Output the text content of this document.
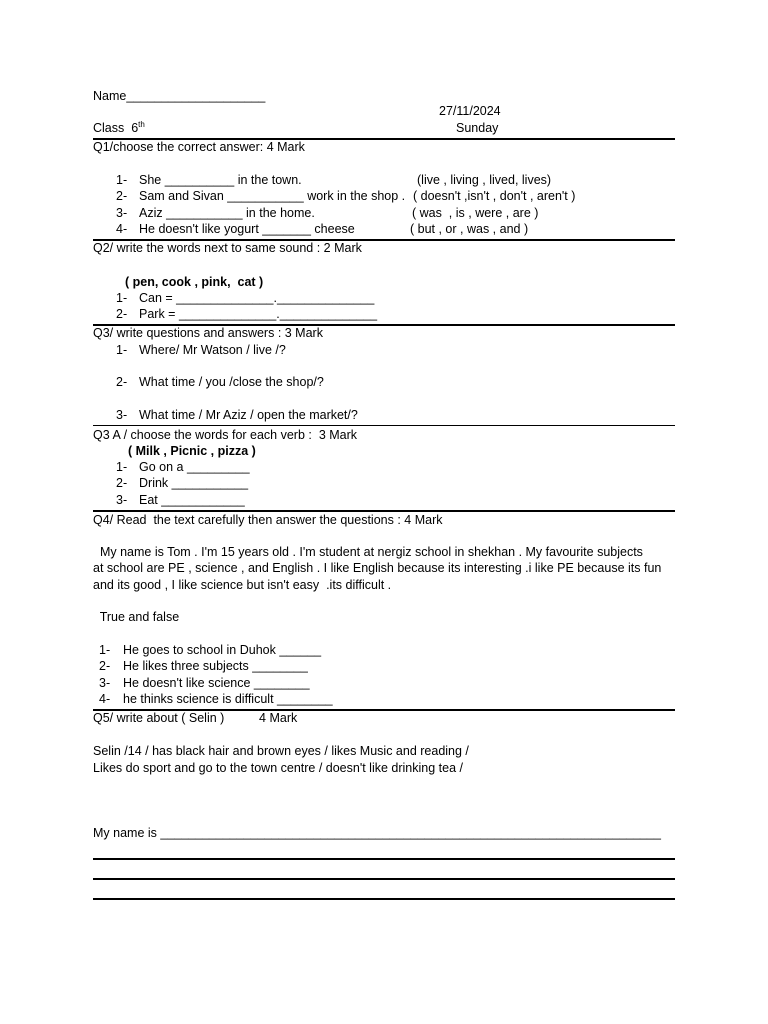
Name____________________
27/11/2024
Class  6th	Sunday
Q1/choose the correct answer: 4 Mark
1- She __________ in the town.	(live , living , lived, lives)
2- Sam and Sivan ___________ work in the shop . ( doesn't ,isn't , don't , aren't )
3- Aziz ___________ in the home.	( was  , is , were , are )
4- He doesn't like yogurt _______ cheese	( but , or , was , and )
Q2/ write the words next to same sound : 2 Mark
( pen, cook , pink,  cat )
1- Can = ______________.______________
2- Park = ______________.______________
Q3/ write questions and answers : 3 Mark
1- Where/ Mr Watson / live /?
2- What time / you /close the shop/?
3- What time / Mr Aziz / open the market/?
Q3 A / choose the words for each verb :  3 Mark
( Milk , Picnic , pizza )
1- Go on a _________
2- Drink ___________
3- Eat ____________
Q4/ Read  the text carefully then answer the questions : 4 Mark
My name is Tom . I'm 15 years old . I'm student at nergiz school in shekhan . My favourite subjects
at school are PE , science , and English . I like English because its interesting .i like PE because its fun
and its good , I like science but isn't easy  .its difficult .
True and false
1- He goes to school in Duhok ______
2- He likes three subjects ________
3- He doesn't like science ________
4- he thinks science is difficult ________
Q5/ write about ( Selin )          4 Mark
Selin /14 / has black hair and brown eyes / likes Music and reading /
Likes do sport and go to the town centre / doesn't like drinking tea /
My name is ________________________________________________________________________
